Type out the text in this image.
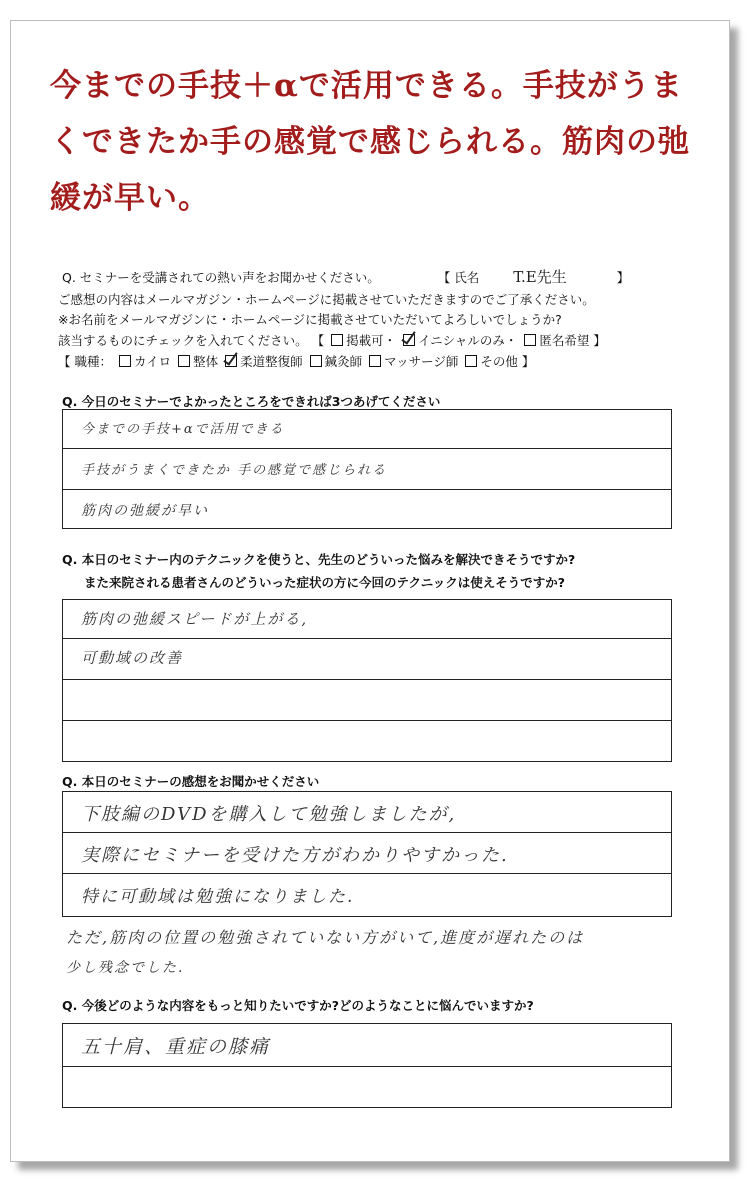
今までの手技＋αで活用できる。手技がうまくできたか手の感覚で感じられる。筋肉の弛緩が早い。
Q. セミナーを受講されての熱い声をお聞かせください。	【 氏名 T.E先生	】
ご感想の内容はメールマガジン・ホームページに掲載させていただきますのでご了承ください。
※お名前をメールマガジンに・ホームページに掲載させていただいてよろしいでしょうか?
該当するものにチェックを入れてください。 【 掲載可・ イニシャルのみ・ 匿名希望 】
【 職種： カイロ 整体 柔道整復師 鍼灸師 マッサージ師 その他 】
Q. 今日のセミナーでよかったところをできれば3つあげてください
今までの手技+αで活用できる
手技がうまくできたか 手の感覚で感じられる
筋肉の弛緩が早い
Q. 本日のセミナー内のテクニックを使うと、先生のどういった悩みを解決できそうですか?
また来院される患者さんのどういった症状の方に今回のテクニックは使えそうですか?
筋肉の弛緩スピードが上がる,
可動域の改善
Q. 本日のセミナーの感想をお聞かせください
下肢編のDVDを購入して勉強しましたが,
実際にセミナーを受けた方がわかりやすかった.
特に可動域は勉強になりました.
ただ,筋肉の位置の勉強されていない方がいて,進度が遅れたのは
少し残念でした.
Q. 今後どのような内容をもっと知りたいですか?どのようなことに悩んでいますか?
五十肩、重症の膝痛
